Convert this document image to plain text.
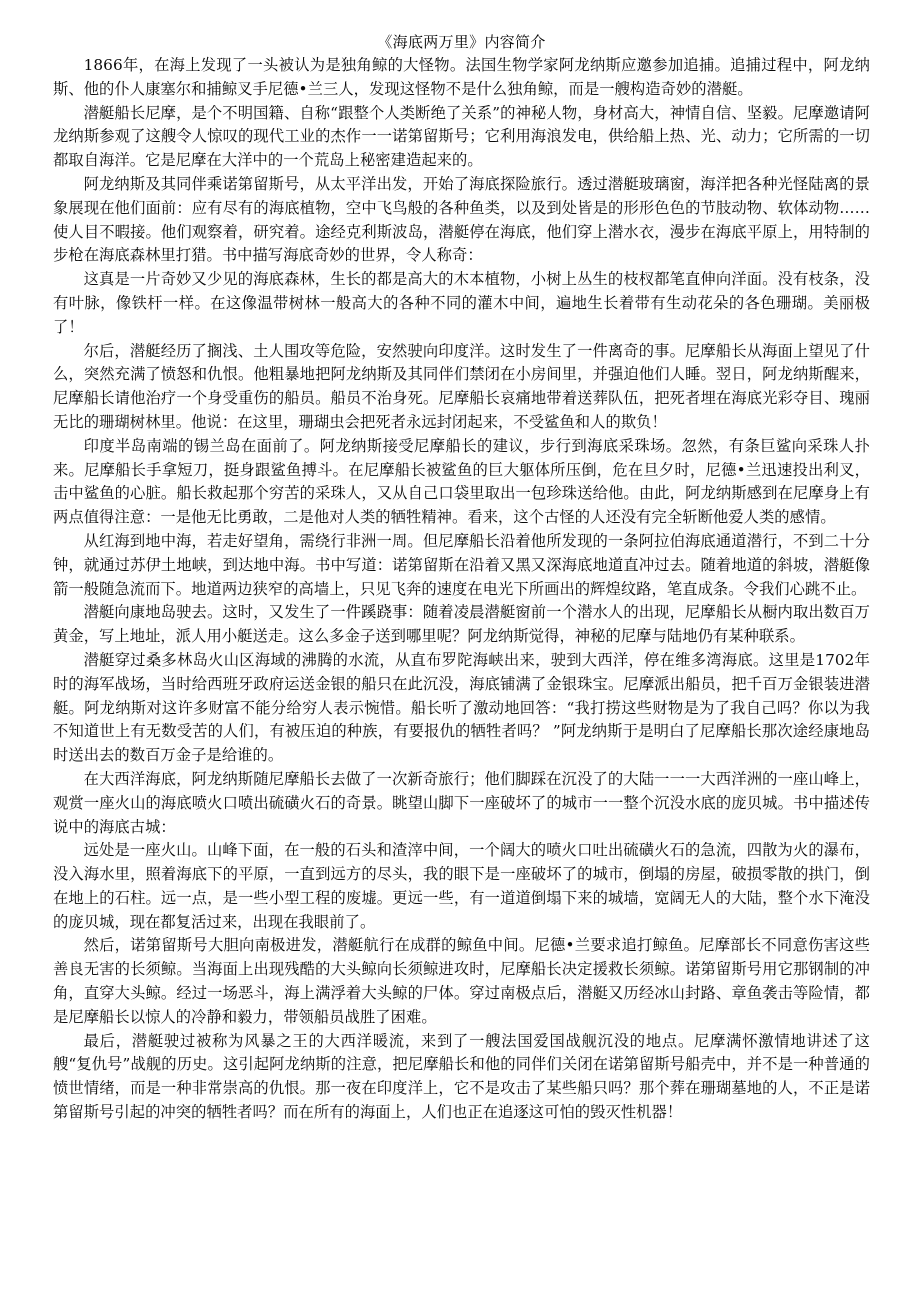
《海底两万里》内容简介

1866年，在海上发现了一头被认为是独角鲸的大怪物。法国生物学家阿龙纳斯应邀参加追捕。追捕过程中，阿龙纳斯、他的仆人康塞尔和捕鲸叉手尼德•兰三人，发现这怪物不是什么独角鲸，而是一艘构造奇妙的潜艇。

潜艇船长尼摩，是个不明国籍、自称“跟整个人类断绝了关系”的神秘人物，身材高大，神情自信、坚毅。尼摩邀请阿龙纳斯参观了这艘令人惊叹的现代工业的杰作一一诺第留斯号；它利用海浪发电，供给船上热、光、动力；它所需的一切都取自海洋。它是尼摩在大洋中的一个荒岛上秘密建造起来的。

阿龙纳斯及其同伴乘诺第留斯号，从太平洋出发，开始了海底探险旅行。透过潜艇玻璃窗，海洋把各种光怪陆离的景象展现在他们面前：应有尽有的海底植物，空中飞鸟般的各种鱼类，以及到处皆是的形形色色的节肢动物、软体动物……使人目不暇接。他们观察着，研究着。途经克利斯波岛，潜艇停在海底，他们穿上潜水衣，漫步在海底平原上，用特制的步枪在海底森林里打猎。书中描写海底奇妙的世界，令人称奇：

这真是一片奇妙又少见的海底森林，生长的都是高大的木本植物，小树上丛生的枝杈都笔直伸向洋面。没有枝条，没有叶脉，像铁杆一样。在这像温带树林一般高大的各种不同的灌木中间，遍地生长着带有生动花朵的各色珊瑚。美丽极了！

尔后，潜艇经历了搁浅、土人围攻等危险，安然驶向印度洋。这时发生了一件离奇的事。尼摩船长从海面上望见了什么，突然充满了愤怒和仇恨。他粗暴地把阿龙纳斯及其同伴们禁闭在小房间里，并强迫他们人睡。翌日，阿龙纳斯醒来，尼摩船长请他治疗一个身受重伤的船员。船员不治身死。尼摩船长哀痛地带着送葬队伍，把死者埋在海底光彩夺目、瑰丽无比的珊瑚树林里。他说：在这里，珊瑚虫会把死者永远封闭起来，不受鲨鱼和人的欺负！

印度半岛南端的锡兰岛在面前了。阿龙纳斯接受尼摩船长的建议，步行到海底采珠场。忽然，有条巨鲨向采珠人扑来。尼摩船长手拿短刀，挺身跟鲨鱼搏斗。在尼摩船长被鲨鱼的巨大躯体所压倒，危在旦夕时，尼德•兰迅速投出利叉，击中鲨鱼的心脏。船长救起那个穷苦的采珠人，又从自己口袋里取出一包珍珠送给他。由此，阿龙纳斯感到在尼摩身上有两点值得注意：一是他无比勇敢，二是他对人类的牺牲精神。看来，这个古怪的人还没有完全斩断他爱人类的感情。

从红海到地中海，若走好望角，需绕行非洲一周。但尼摩船长沿着他所发现的一条阿拉伯海底通道潜行，不到二十分钟，就通过苏伊土地峡，到达地中海。书中写道：诺第留斯在沿着又黑又深海底地道直冲过去。随着地道的斜坡，潜艇像箭一般随急流而下。地道两边狭窄的高墙上，只见飞奔的速度在电光下所画出的辉煌纹路，笔直成条。令我们心跳不止。

潜艇向康地岛驶去。这时，又发生了一件蹊跷事：随着凌晨潜艇窗前一个潜水人的出现，尼摩船长从橱内取出数百万黄金，写上地址，派人用小艇送走。这么多金子送到哪里呢？阿龙纳斯觉得，神秘的尼摩与陆地仍有某种联系。

潜艇穿过桑多林岛火山区海域的沸腾的水流，从直布罗陀海峡出来，驶到大西洋，停在维多湾海底。这里是1702年时的海军战场，当时给西班牙政府运送金银的船只在此沉没，海底铺满了金银珠宝。尼摩派出船员，把千百万金银装进潜艇。阿龙纳斯对这许多财富不能分给穷人表示惋惜。船长听了激动地回答：“我打捞这些财物是为了我自己吗？你以为我不知道世上有无数受苦的人们，有被压迫的种族，有要报仇的牺牲者吗？ ”阿龙纳斯于是明白了尼摩船长那次途经康地岛时送出去的数百万金子是给谁的。

在大西洋海底，阿龙纳斯随尼摩船长去做了一次新奇旅行；他们脚踩在沉没了的大陆一一一大西洋洲的一座山峰上，观赏一座火山的海底喷火口喷出硫磺火石的奇景。眺望山脚下一座破坏了的城市一一整个沉没水底的庞贝城。书中描述传说中的海底古城：

远处是一座火山。山峰下面，在一般的石头和渣滓中间，一个阔大的喷火口吐出硫磺火石的急流，四散为火的瀑布，没入海水里，照着海底下的平原，一直到远方的尽头，我的眼下是一座破坏了的城市，倒塌的房屋，破损零散的拱门，倒在地上的石柱。远一点，是一些小型工程的废墟。更远一些，有一道道倒塌下来的城墙，宽阔无人的大陆，整个水下淹没的庞贝城，现在都复活过来，出现在我眼前了。

然后，诺第留斯号大胆向南极进发，潜艇航行在成群的鲸鱼中间。尼德•兰要求追打鲸鱼。尼摩部长不同意伤害这些善良无害的长须鲸。当海面上出现残酷的大头鲸向长须鲸进攻时，尼摩船长决定援救长须鲸。诺第留斯号用它那钢制的冲角，直穿大头鲸。经过一场恶斗，海上满浮着大头鲸的尸体。穿过南极点后，潜艇又历经冰山封路、章鱼袭击等险情，都是尼摩船长以惊人的冷静和毅力，带领船员战胜了困难。

最后，潜艇驶过被称为风暴之王的大西洋暖流，来到了一艘法国爱国战舰沉没的地点。尼摩满怀激情地讲述了这艘“复仇号”战舰的历史。这引起阿龙纳斯的注意，把尼摩船长和他的同伴们关闭在诺第留斯号船壳中，并不是一种普通的愤世情绪，而是一种非常崇高的仇恨。那一夜在印度洋上，它不是攻击了某些船只吗？那个葬在珊瑚墓地的人，不正是诺第留斯号引起的冲突的牺牲者吗？而在所有的海面上，人们也正在追逐这可怕的毁灭性机器！
